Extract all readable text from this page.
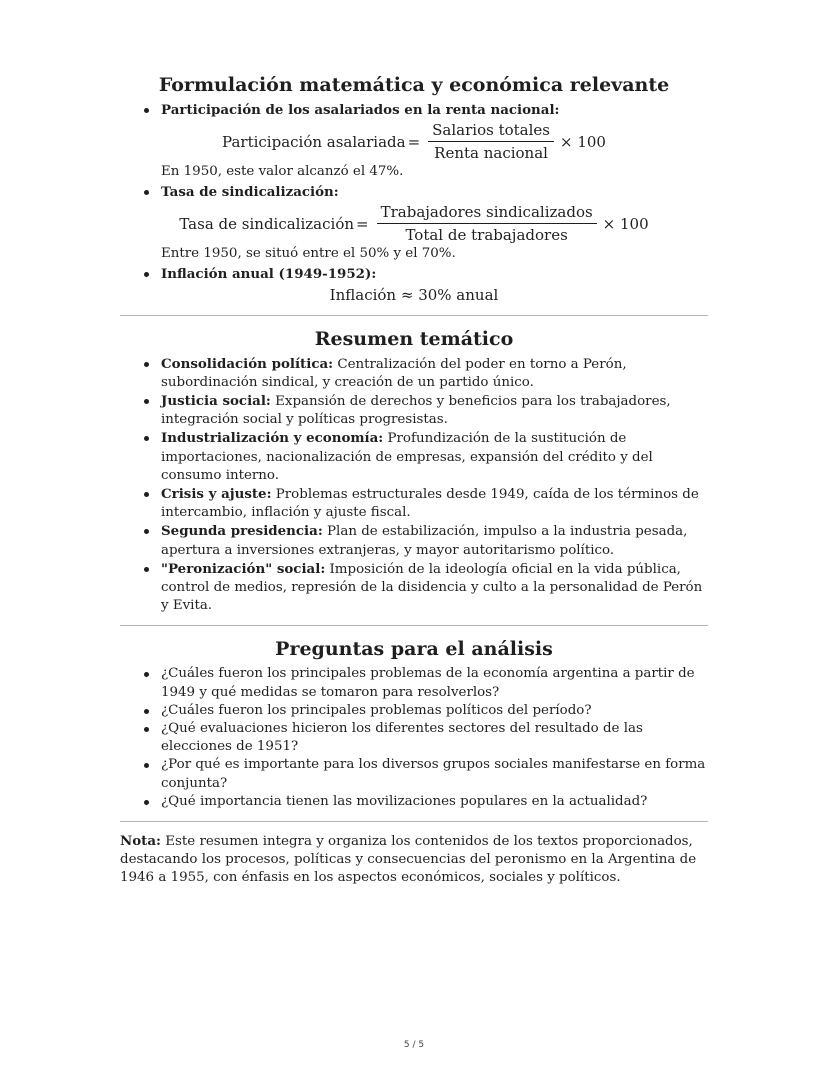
Formulación matemática y económica relevante
Participación de los asalariados en la renta nacional:
Participación asalariada = $\frac{\text{Salarios totales}}{\text{Renta nacional}} \times 100$
En 1950, este valor alcanzó el 47%.
Tasa de sindicalización:
Tasa de sindicalización = $\frac{\text{Trabajadores sindicalizados}}{\text{Total de trabajadores}} \times 100$
Entre 1950, se situó entre el 50% y el 70%.
Inflación anual (1949-1952):
Inflación ≈ 30% anual
Resumen temático
Consolidación política: Centralización del poder en torno a Perón, subordinación sindical, y creación de un partido único.
Justicia social: Expansión de derechos y beneficios para los trabajadores, integración social y políticas progresistas.
Industrialización y economía: Profundización de la sustitución de importaciones, nacionalización de empresas, expansión del crédito y del consumo interno.
Crisis y ajuste: Problemas estructurales desde 1949, caída de los términos de intercambio, inflación y ajuste fiscal.
Segunda presidencia: Plan de estabilización, impulso a la industria pesada, apertura a inversiones extranjeras, y mayor autoritarismo político.
"Peronización" social: Imposición de la ideología oficial en la vida pública, control de medios, represión de la disidencia y culto a la personalidad de Perón y Evita.
Preguntas para el análisis
¿Cuáles fueron los principales problemas de la economía argentina a partir de 1949 y qué medidas se tomaron para resolverlos?
¿Cuáles fueron los principales problemas políticos del período?
¿Qué evaluaciones hicieron los diferentes sectores del resultado de las elecciones de 1951?
¿Por qué es importante para los diversos grupos sociales manifestarse en forma conjunta?
¿Qué importancia tienen las movilizaciones populares en la actualidad?

Nota: Este resumen integra y organiza los contenidos de los textos proporcionados, destacando los procesos, políticas y consecuencias del peronismo en la Argentina de 1946 a 1955, con énfasis en los aspectos económicos, sociales y políticos.

5 / 5
